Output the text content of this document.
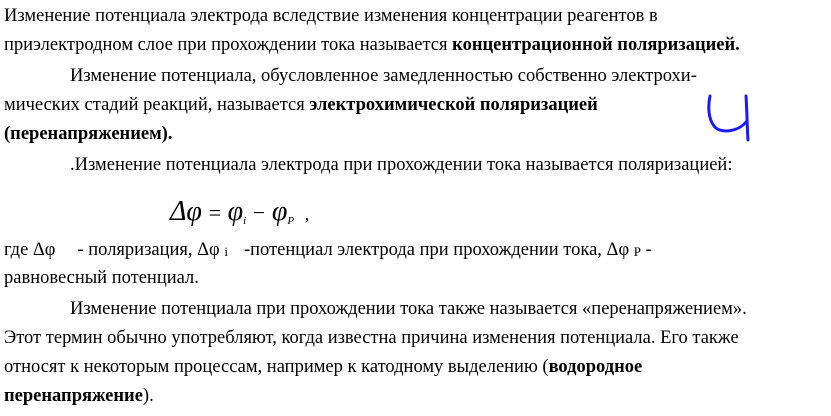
Изменение потенциала электрода вследствие изменения концентрации реагентов в
приэлектродном слое при прохождении тока называется концентрационной поляризацией.
Изменение потенциала, обусловленное замедленностью собственно электрохи-
мических стадий реакций, называется электрохимической поляризацией
(перенапряжением).
.Изменение потенциала электрода при прохождении тока называется поляризацией:
$\Delta\varphi = \varphi_i - \varphi_P$ ,
где Δφ - поляризация, Δφ i -потенциал электрода при прохождении тока, Δφ P -
равновесный потенциал.
Изменение потенциала при прохождении тока также называется «перенапряжением».
Этот термин обычно употребляют, когда известна причина изменения потенциала. Его также
относят к некоторым процессам, например к катодному выделению (водородное
перенапряжение).
